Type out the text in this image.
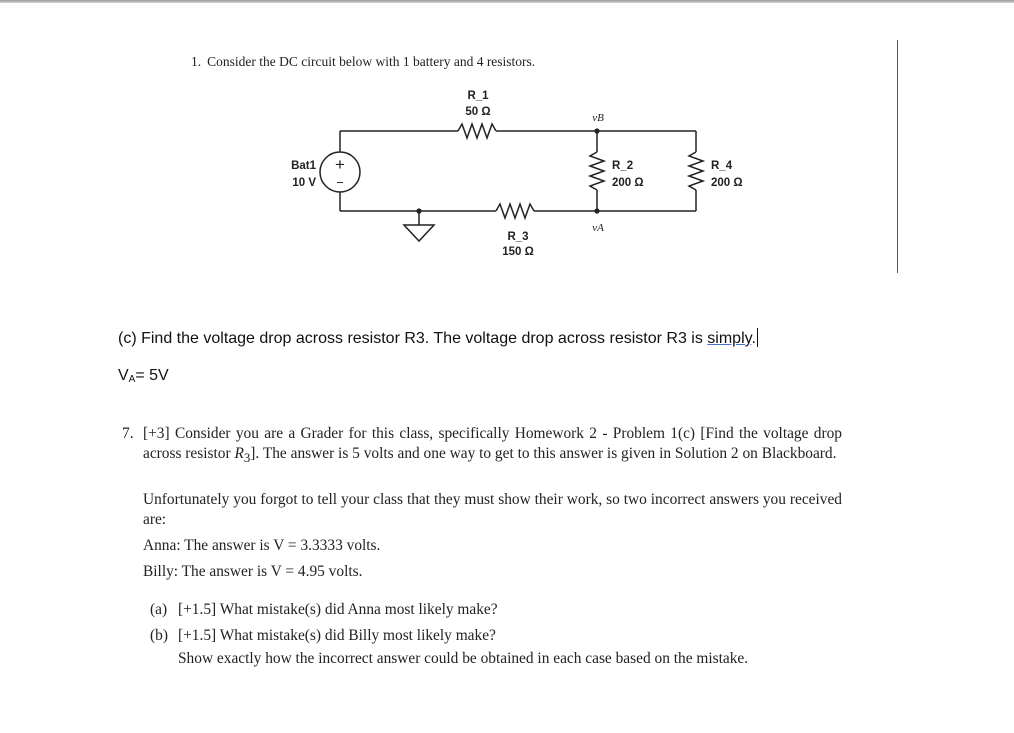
1. Consider the DC circuit below with 1 battery and 4 resistors.
+
−
R_1
50 Ω
R_2
200 Ω
R_4
200 Ω
R_3
150 Ω
Bat1
10 V
vB
vA
(c) Find the voltage drop across resistor R3. The voltage drop across resistor R3 is simply.
$V_A= 5V$
7. [+3] Consider you are a Grader for this class, specifically Homework 2 - Problem 1(c) [Find the voltage drop across resistor $R_3$]. The answer is 5 volts and one way to get to this answer is given in Solution 2 on Blackboard.

Unfortunately you forgot to tell your class that they must show their work, so two incorrect answers you received are:
Anna: The answer is V = 3.3333 volts.
Billy: The answer is V = 4.95 volts.
(a) [+1.5] What mistake(s) did Anna most likely make?
(b) [+1.5] What mistake(s) did Billy most likely make?
Show exactly how the incorrect answer could be obtained in each case based on the mistake.
